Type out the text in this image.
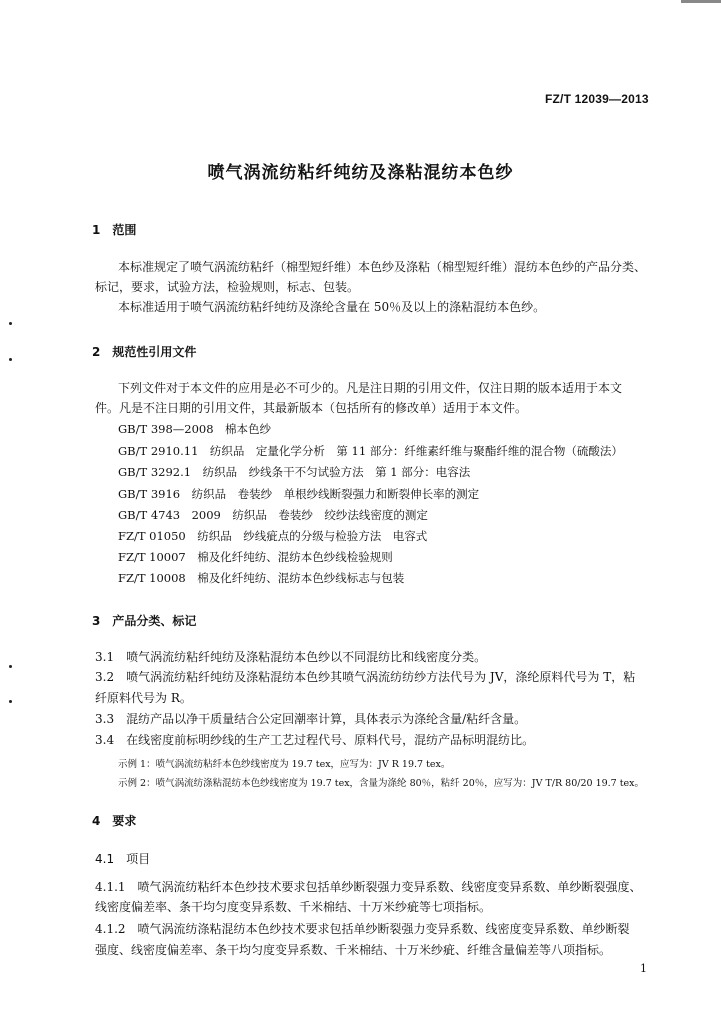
FZ/T 12039—2013
喷气涡流纺粘纤纯纺及涤粘混纺本色纱
1　范围
本标准规定了喷气涡流纺粘纤（棉型短纤维）本色纱及涤粘（棉型短纤维）混纺本色纱的产品分类、
标记，要求，试验方法，检验规则，标志、包装。
本标准适用于喷气涡流纺粘纤纯纺及涤纶含量在 50％及以上的涤粘混纺本色纱。
2　规范性引用文件
下列文件对于本文件的应用是必不可少的。凡是注日期的引用文件，仅注日期的版本适用于本文
件。凡是不注日期的引用文件，其最新版本（包括所有的修改单）适用于本文件。
GB/T 398—2008　棉本色纱
GB/T 2910.11　纺织品　定量化学分析　第 11 部分：纤维素纤维与聚酯纤维的混合物（硫酸法）
GB/T 3292.1　纺织品　纱线条干不匀试验方法　第 1 部分：电容法
GB/T 3916　纺织品　卷装纱　单根纱线断裂强力和断裂伸长率的测定
GB/T 4743　2009　纺织品　卷装纱　绞纱法线密度的测定
FZ/T 01050　纺织品　纱线疵点的分级与检验方法　电容式
FZ/T 10007　棉及化纤纯纺、混纺本色纱线检验规则
FZ/T 10008　棉及化纤纯纺、混纺本色纱线标志与包装
3　产品分类、标记
3.1　喷气涡流纺粘纤纯纺及涤粘混纺本色纱以不同混纺比和线密度分类。
3.2　喷气涡流纺粘纤纯纺及涤粘混纺本色纱其喷气涡流纺纺纱方法代号为 JV，涤纶原料代号为 T，粘
纤原料代号为 R。
3.3　混纺产品以净干质量结合公定回潮率计算，具体表示为涤纶含量/粘纤含量。
3.4　在线密度前标明纱线的生产工艺过程代号、原料代号，混纺产品标明混纺比。
示例 1：喷气涡流纺粘纤本色纱线密度为 19.7 tex，应写为：JV R 19.7 tex。
示例 2：喷气涡流纺涤粘混纺本色纱线密度为 19.7 tex，含量为涤纶 80％，粘纤 20％，应写为：JV T/R 80/20 19.7 tex。
4　要求
4.1　项目
4.1.1　喷气涡流纺粘纤本色纱技术要求包括单纱断裂强力变异系数、线密度变异系数、单纱断裂强度、
线密度偏差率、条干均匀度变异系数、千米棉结、十万米纱疵等七项指标。
4.1.2　喷气涡流纺涤粘混纺本色纱技术要求包括单纱断裂强力变异系数、线密度变异系数、单纱断裂
强度、线密度偏差率、条干均匀度变异系数、千米棉结、十万米纱疵、纤维含量偏差等八项指标。
1
